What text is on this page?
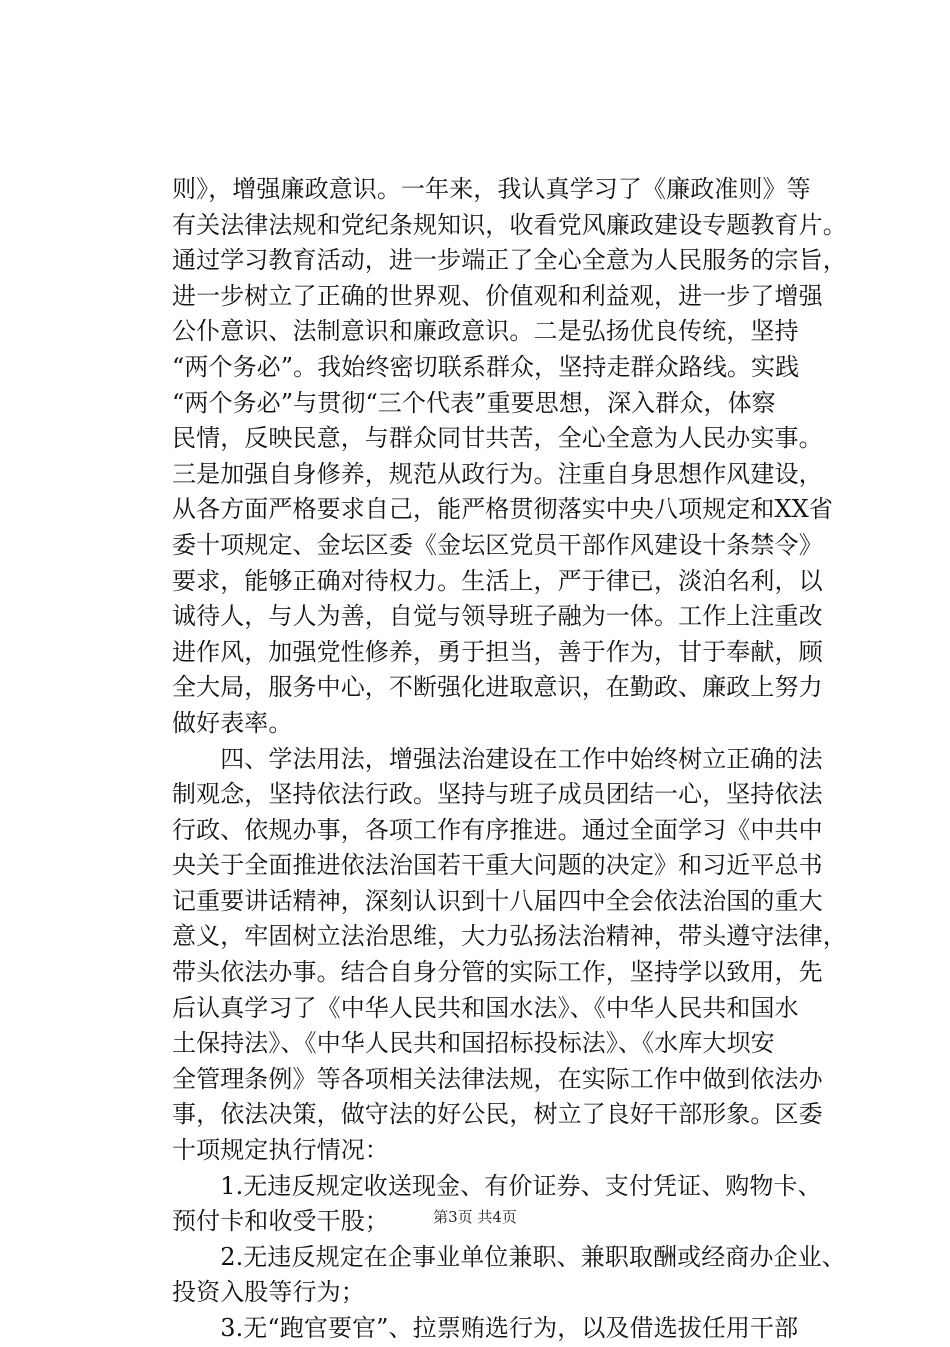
则》，增强廉政意识。一年来，我认真学习了《廉政准则》等
有关法律法规和党纪条规知识，收看党风廉政建设专题教育片。
通过学习教育活动，进一步端正了全心全意为人民服务的宗旨，
进一步树立了正确的世界观、价值观和利益观，进一步了增强
公仆意识、法制意识和廉政意识。二是弘扬优良传统，坚持
“两个务必”。我始终密切联系群众，坚持走群众路线。实践
“两个务必”与贯彻“三个代表”重要思想，深入群众，体察
民情，反映民意，与群众同甘共苦，全心全意为人民办实事。
三是加强自身修养，规范从政行为。注重自身思想作风建设，
从各方面严格要求自己，能严格贯彻落实中央八项规定和XX省
委十项规定、金坛区委《金坛区党员干部作风建设十条禁令》
要求，能够正确对待权力。生活上，严于律已，淡泊名利，以
诚待人，与人为善，自觉与领导班子融为一体。工作上注重改
进作风，加强党性修养，勇于担当，善于作为，甘于奉献，顾
全大局，服务中心，不断强化进取意识，在勤政、廉政上努力
做好表率。
　　四、学法用法，增强法治建设在工作中始终树立正确的法
制观念，坚持依法行政。坚持与班子成员团结一心，坚持依法
行政、依规办事，各项工作有序推进。通过全面学习《中共中
央关于全面推进依法治国若干重大问题的决定》和习近平总书
记重要讲话精神，深刻认识到十八届四中全会依法治国的重大
意义，牢固树立法治思维，大力弘扬法治精神，带头遵守法律，
带头依法办事。结合自身分管的实际工作，坚持学以致用，先
后认真学习了《中华人民共和国水法》、《中华人民共和国水
土保持法》、《中华人民共和国招标投标法》、《水库大坝安
全管理条例》等各项相关法律法规，在实际工作中做到依法办
事，依法决策，做守法的好公民，树立了良好干部形象。区委
十项规定执行情况：
　　1.无违反规定收送现金、有价证券、支付凭证、购物卡、
预付卡和收受干股；
　　2.无违反规定在企事业单位兼职、兼职取酬或经商办企业、
投资入股等行为；
　　3.无“跑官要官”、拉票贿选行为，以及借选拔任用干部
第3页 共4页
